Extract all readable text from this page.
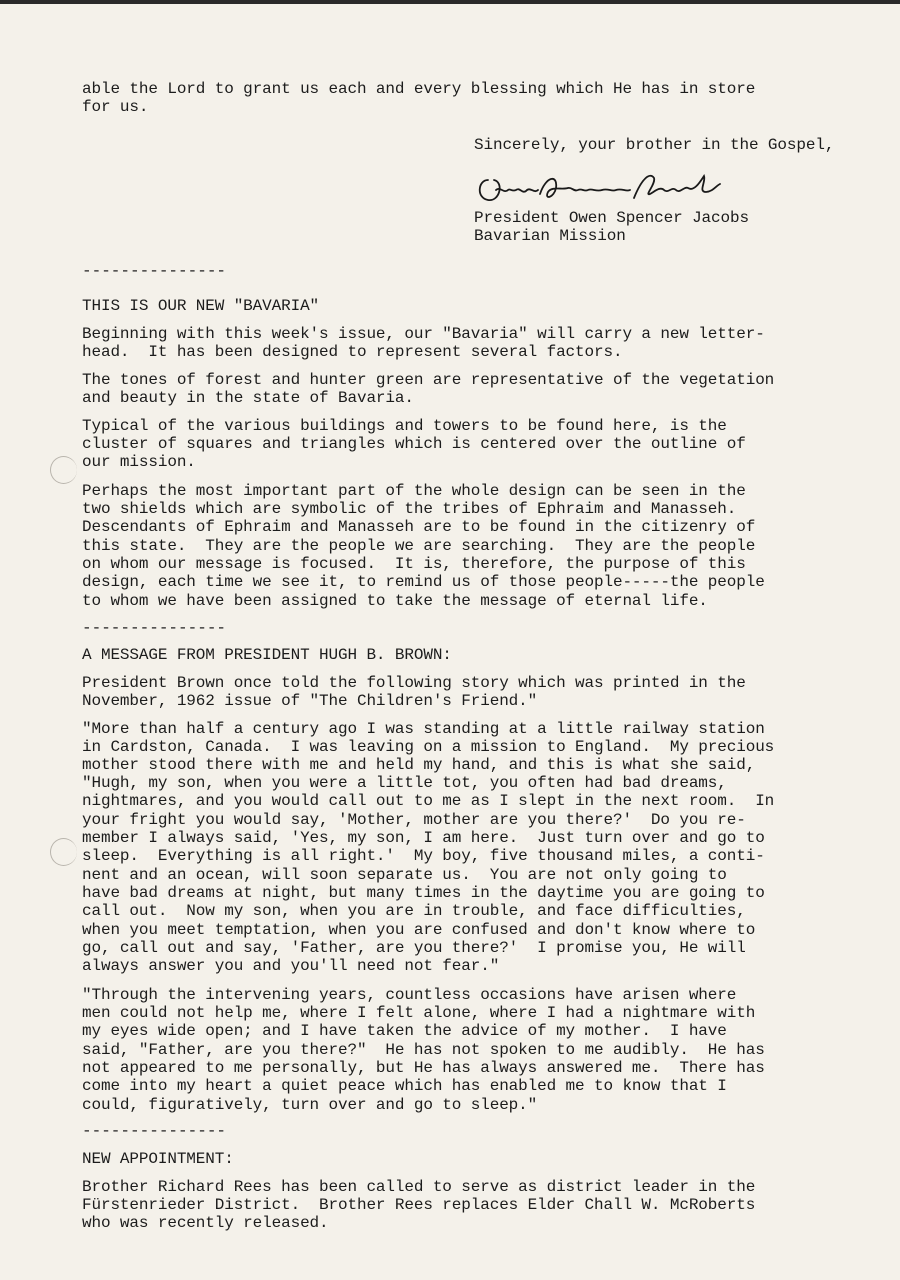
able the Lord to grant us each and every blessing which He has in store

for us.

Sincerely, your brother in the Gospel,

President Owen Spencer Jacobs

Bavarian Mission

---------------

THIS IS OUR NEW "BAVARIA"

Beginning with this week's issue, our "Bavaria" will carry a new letter-

head.  It has been designed to represent several factors.

The tones of forest and hunter green are representative of the vegetation

and beauty in the state of Bavaria.

Typical of the various buildings and towers to be found here, is the

cluster of squares and triangles which is centered over the outline of

our mission.

Perhaps the most important part of the whole design can be seen in the

two shields which are symbolic of the tribes of Ephraim and Manasseh.

Descendants of Ephraim and Manasseh are to be found in the citizenry of

this state.  They are the people we are searching.  They are the people

on whom our message is focused.  It is, therefore, the purpose of this

design, each time we see it, to remind us of those people-----the people

to whom we have been assigned to take the message of eternal life.

---------------

A MESSAGE FROM PRESIDENT HUGH B. BROWN:

President Brown once told the following story which was printed in the

November, 1962 issue of "The Children's Friend."

"More than half a century ago I was standing at a little railway station

in Cardston, Canada.  I was leaving on a mission to England.  My precious

mother stood there with me and held my hand, and this is what she said,

"Hugh, my son, when you were a little tot, you often had bad dreams,

nightmares, and you would call out to me as I slept in the next room.  In

your fright you would say, 'Mother, mother are you there?'  Do you re-

member I always said, 'Yes, my son, I am here.  Just turn over and go to

sleep.  Everything is all right.'  My boy, five thousand miles, a conti-

nent and an ocean, will soon separate us.  You are not only going to

have bad dreams at night, but many times in the daytime you are going to

call out.  Now my son, when you are in trouble, and face difficulties,

when you meet temptation, when you are confused and don't know where to

go, call out and say, 'Father, are you there?'  I promise you, He will

always answer you and you'll need not fear."

"Through the intervening years, countless occasions have arisen where

men could not help me, where I felt alone, where I had a nightmare with

my eyes wide open; and I have taken the advice of my mother.  I have

said, "Father, are you there?"  He has not spoken to me audibly.  He has

not appeared to me personally, but He has always answered me.  There has

come into my heart a quiet peace which has enabled me to know that I

could, figuratively, turn over and go to sleep."

---------------

NEW APPOINTMENT:

Brother Richard Rees has been called to serve as district leader in the

Fürstenrieder District.  Brother Rees replaces Elder Chall W. McRoberts

who was recently released.
